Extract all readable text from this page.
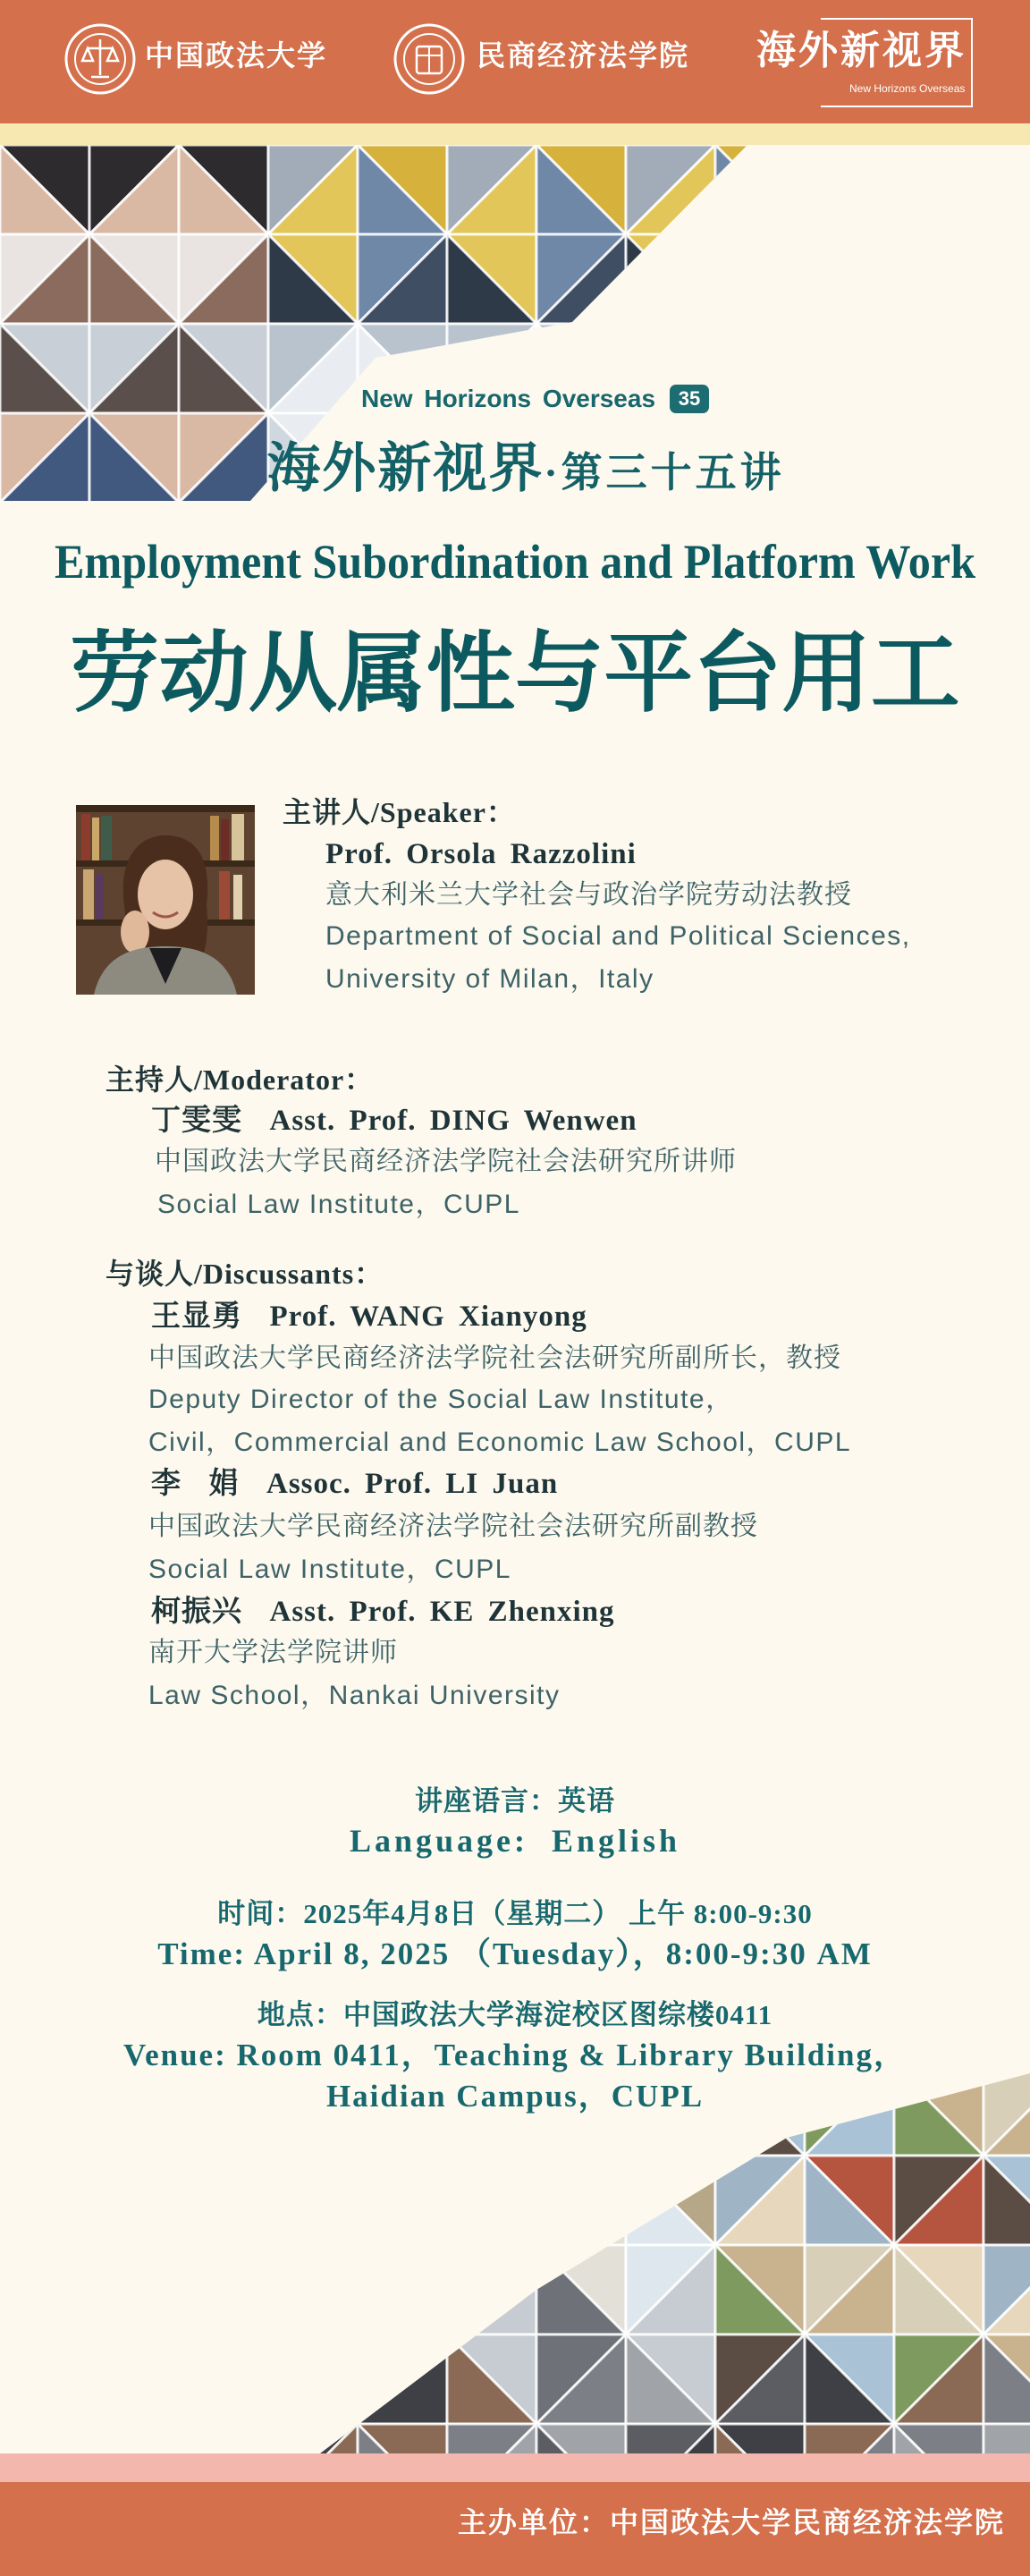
中国政法大学	民商经济法学院 海外新视界
New Horizons Overseas
New Horizons Overseas	35
海外新视界·第三十五讲
Employment Subordination and Platform Work
劳动从属性与平台用工
主讲人/Speaker：
Prof. Orsola Razzolini
意大利米兰大学社会与政治学院劳动法教授
Department of Social and Political Sciences,
University of Milan，Italy
主持人/Moderator：
丁雯雯  Asst. Prof. DING Wenwen
中国政法大学民商经济法学院社会法研究所讲师
Social Law Institute，CUPL
与谈人/Discussants：
王显勇  Prof. WANG Xianyong
中国政法大学民商经济法学院社会法研究所副所长，教授
Deputy Director of the Social Law Institute，
Civil，Commercial and Economic Law School，CUPL
李  娟  Assoc. Prof. LI Juan
中国政法大学民商经济法学院社会法研究所副教授
Social Law Institute，CUPL
柯振兴  Asst. Prof. KE Zhenxing
南开大学法学院讲师
Law School，Nankai University
讲座语言：英语
Language:  English
时间：2025年4月8日（星期二） 上午 8:00-9:30
Time: April 8, 2025 （Tuesday），8:00-9:30 AM
地点：中国政法大学海淀校区图综楼0411
Venue: Room 0411，Teaching & Library Building，
Haidian Campus，CUPL
主办单位：中国政法大学民商经济法学院
